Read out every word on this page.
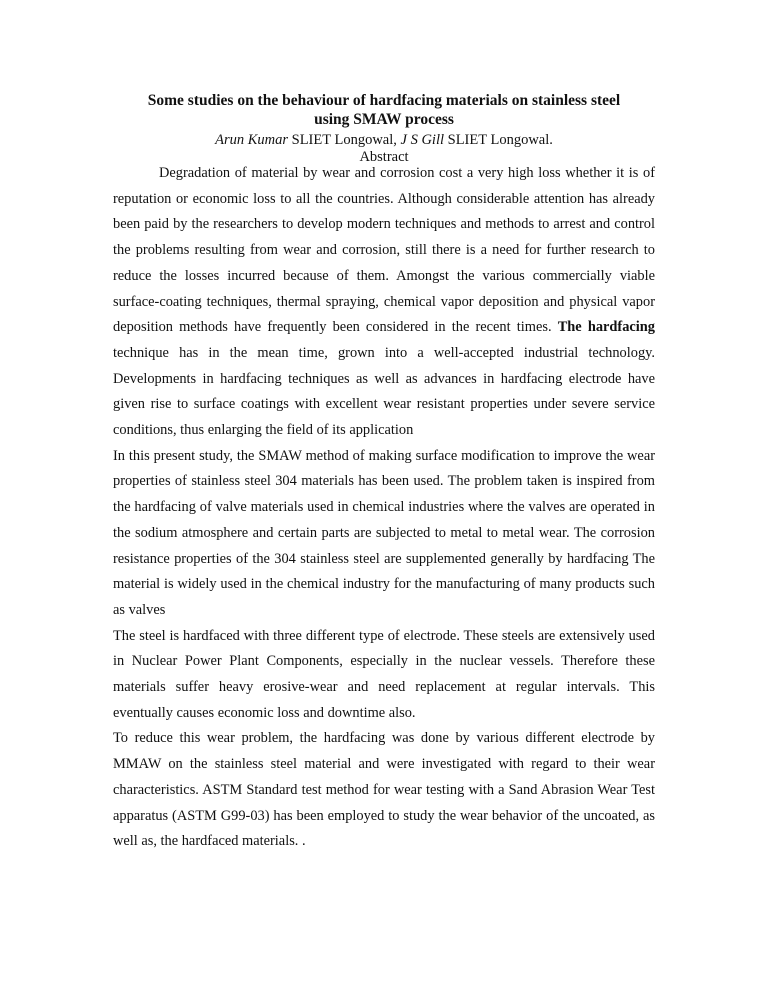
Some studies on the behaviour of hardfacing materials on stainless steel
using SMAW process
Arun Kumar SLIET Longowal, J S Gill SLIET Longowal.
Abstract

Degradation of material by wear and corrosion cost a very high loss whether it is of reputation or economic loss to all the countries. Although considerable attention has already been paid by the researchers to develop modern techniques and methods to arrest and control the problems resulting from wear and corrosion, still there is a need for further research to reduce the losses incurred because of them. Amongst the various commercially viable surface-coating techniques, thermal spraying, chemical vapor deposition and physical vapor deposition methods have frequently been considered in the recent times. The hardfacing technique has in the mean time, grown into a well-accepted industrial technology. Developments in hardfacing techniques as well as advances in hardfacing electrode have given rise to surface coatings with excellent wear resistant properties under severe service conditions, thus enlarging the field of its application

In this present study, the SMAW method of making surface modification to improve the wear properties of stainless steel 304 materials has been used. The problem taken is inspired from the hardfacing of valve materials used in chemical industries where the valves are operated in the sodium atmosphere and certain parts are subjected to metal to metal wear. The corrosion resistance properties of the 304 stainless steel are supplemented generally by hardfacing The material is widely used in the chemical industry for the manufacturing of many products such as valves

The steel is hardfaced with three different type of electrode. These steels are extensively used in Nuclear Power Plant Components, especially in the nuclear vessels. Therefore these materials suffer heavy erosive-wear and need replacement at regular intervals. This eventually causes economic loss and downtime also.

To reduce this wear problem, the hardfacing was done by various different electrode by MMAW on the stainless steel material and were investigated with regard to their wear characteristics. ASTM Standard test method for wear testing with a Sand Abrasion Wear Test apparatus (ASTM G99-03) has been employed to study the wear behavior of the uncoated, as well as, the hardfaced materials. .
